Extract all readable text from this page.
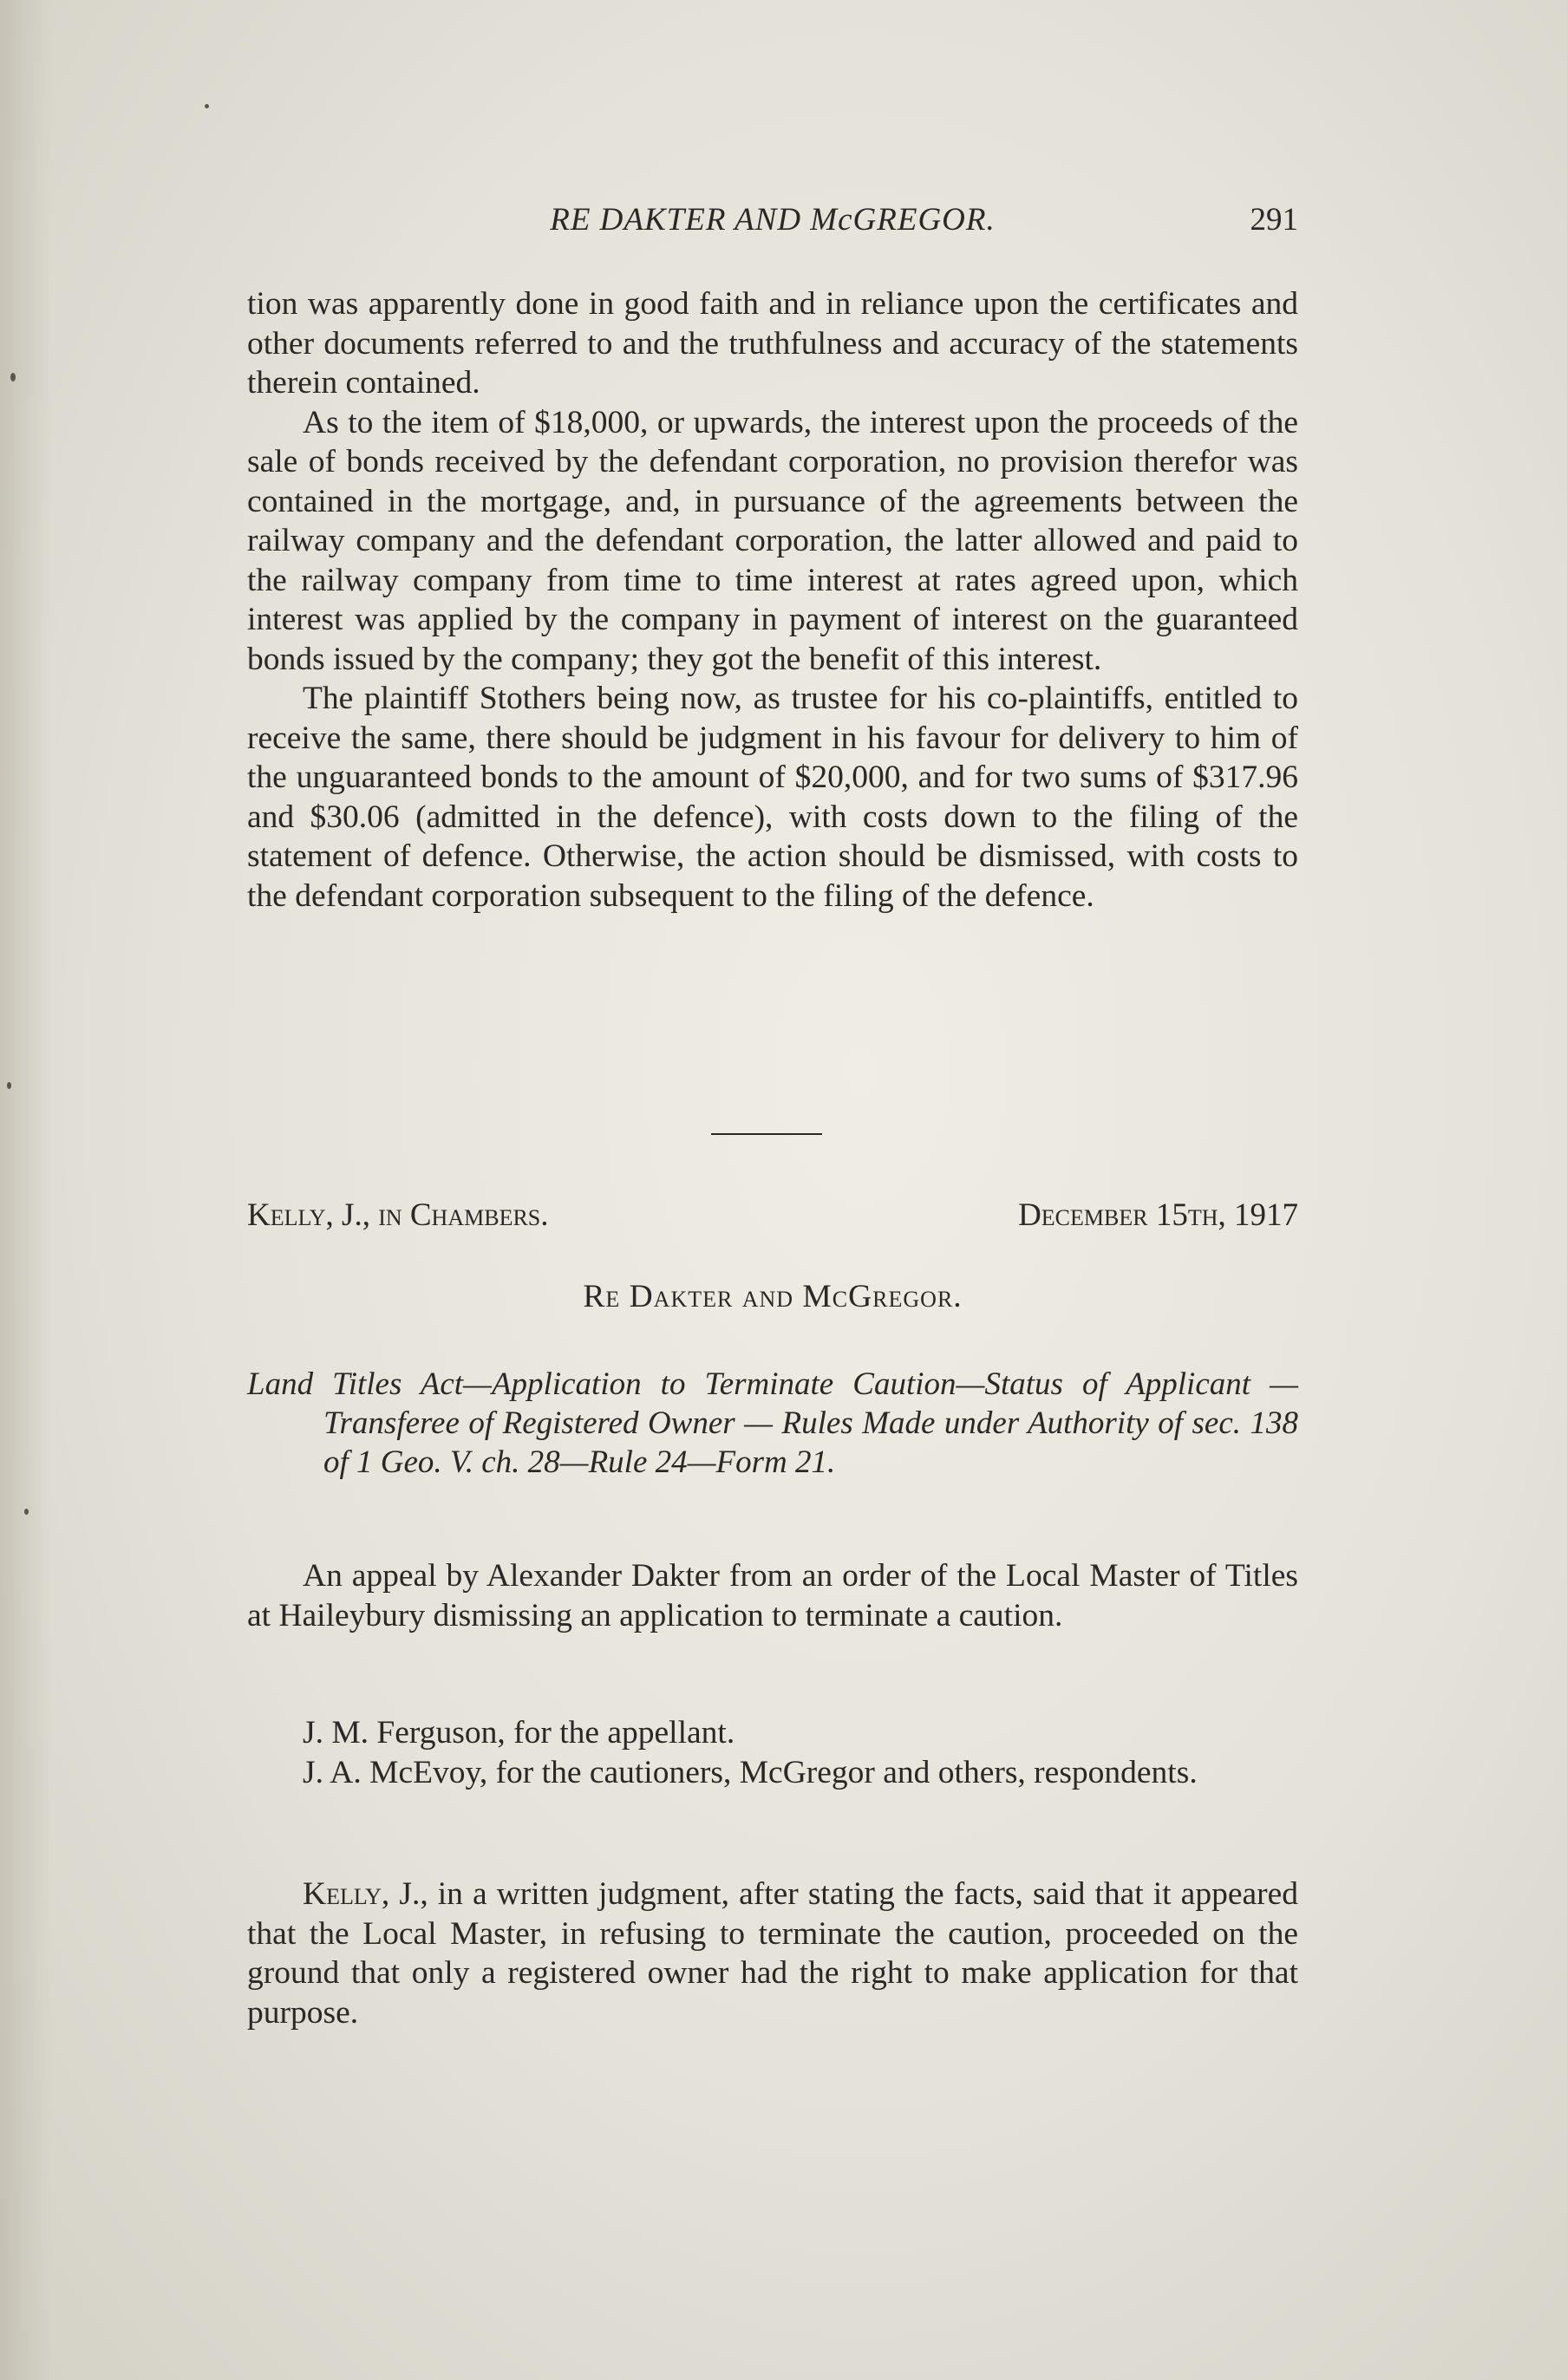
RE DAKTER AND McGREGOR.	291

tion was apparently done in good faith and in reliance upon the certificates and other documents referred to and the truthfulness and accuracy of the statements therein contained.

As to the item of $18,000, or upwards, the interest upon the proceeds of the sale of bonds received by the defendant corporation, no provision therefor was contained in the mortgage, and, in pursuance of the agreements between the railway company and the defendant corporation, the latter allowed and paid to the railway company from time to time interest at rates agreed upon, which interest was applied by the company in payment of interest on the guaranteed bonds issued by the company; they got the benefit of this interest.

The plaintiff Stothers being now, as trustee for his co-plaintiffs, entitled to receive the same, there should be judgment in his favour for delivery to him of the unguaranteed bonds to the amount of $20,000, and for two sums of $317.96 and $30.06 (admitted in the defence), with costs down to the filing of the statement of defence. Otherwise, the action should be dismissed, with costs to the defendant corporation subsequent to the filing of the defence.

Kelly, J., in Chambers.	December 15th, 1917
Re Dakter and McGregor.
Land Titles Act—Application to Terminate Caution—Status of Applicant — Transferee of Registered Owner — Rules Made under Authority of sec. 138 of 1 Geo. V. ch. 28—Rule 24—Form 21.

An appeal by Alexander Dakter from an order of the Local Master of Titles at Haileybury dismissing an application to terminate a caution.

J. M. Ferguson, for the appellant.

J. A. McEvoy, for the cautioners, McGregor and others, respondents.

Kelly, J., in a written judgment, after stating the facts, said that it appeared that the Local Master, in refusing to terminate the caution, proceeded on the ground that only a registered owner had the right to make application for that purpose.
